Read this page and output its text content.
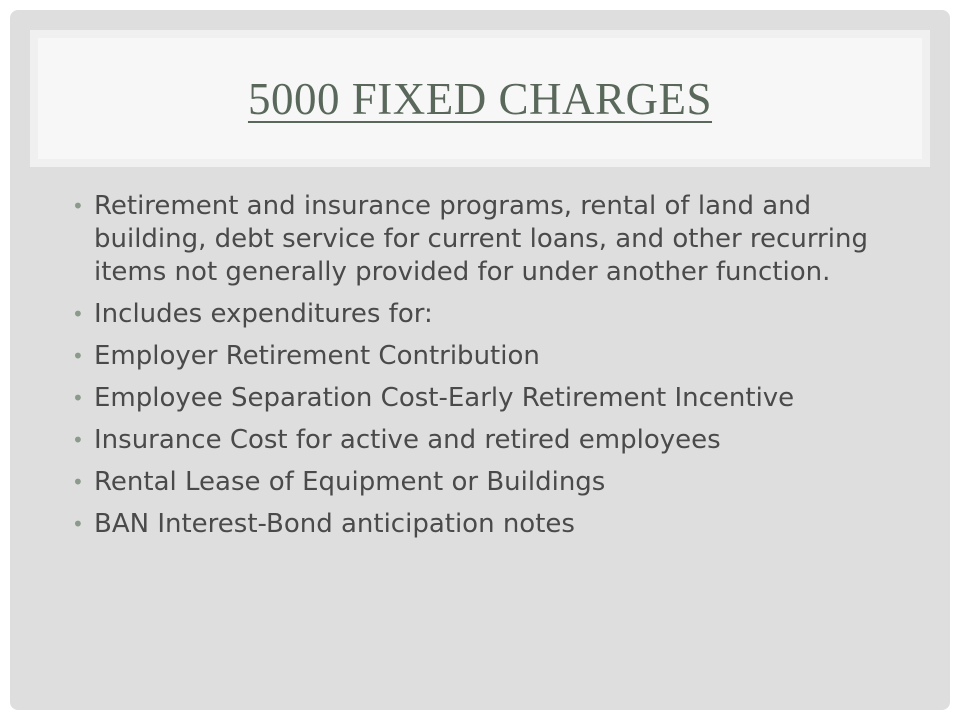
5000 FIXED CHARGES
• Retirement and insurance programs, rental of land and building, debt service for current loans, and other recurring items not generally provided for under another function.
• Includes expenditures for:
• Employer Retirement Contribution
• Employee Separation Cost-Early Retirement Incentive
• Insurance Cost for active and retired employees
• Rental Lease of Equipment or Buildings
• BAN Interest-Bond anticipation notes
